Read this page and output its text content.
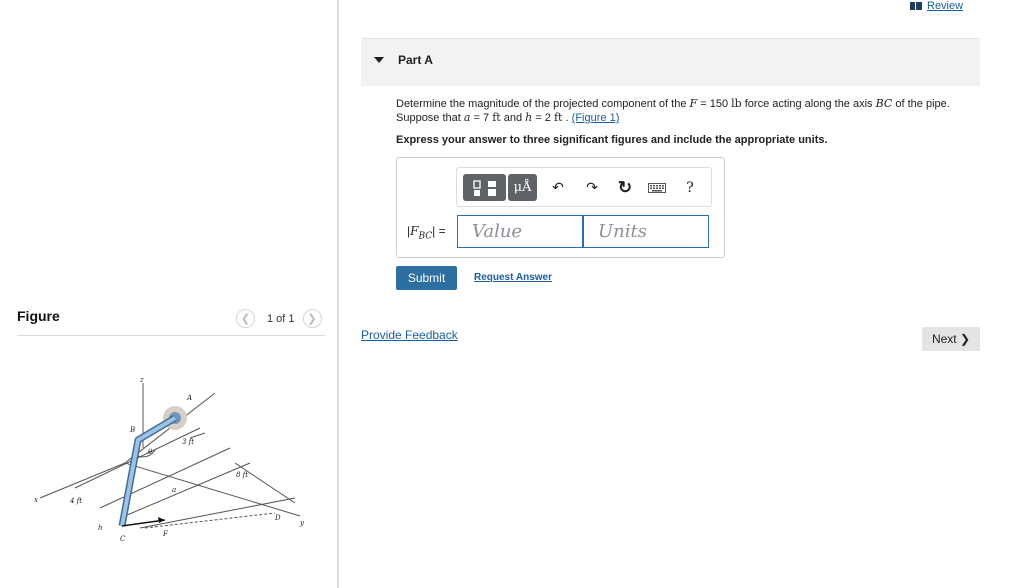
Figure	❮ 1 of 1 ❯
z
A
B
θ
3 ft
8 ft
x	4 ft
h
a
C
F
D
y
Review
Part A
Determine the magnitude of the projected component of the F = 150 lb force acting along the axis BC of the pipe.
Suppose that a = 7 ft and h = 2 ft . (Figure 1)
Express your answer to three significant figures and include the appropriate units.
μÅ	↶	↷	↻	?
$|F_{BC}|$ =
Value
Units
Submit	Request Answer
Provide Feedback	Next ❯
